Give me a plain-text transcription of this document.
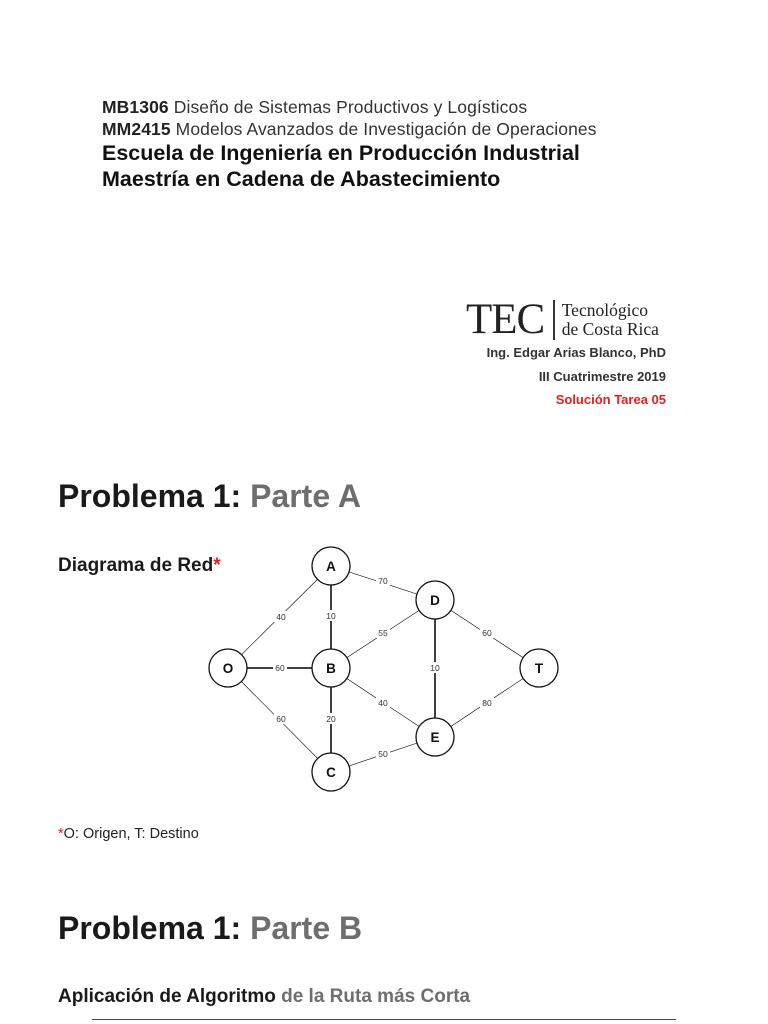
MB1306 Diseño de Sistemas Productivos y Logísticos
MM2415 Modelos Avanzados de Investigación de Operaciones
Escuela de Ingeniería en Producción Industrial
Maestría en Cadena de Abastecimiento
TEC Tecnológico
de Costa Rica
Ing. Edgar Arias Blanco, PhD
III Cuatrimestre 2019
Solución Tarea 05
Problema 1: Parte A
Diagrama de Red*
40
60
60
10
70
55
20
40
50
10
60
80
A
B
C
D
E
O	T
*O: Origen, T: Destino
Problema 1: Parte B
Aplicación de Algoritmo de la Ruta más Corta
